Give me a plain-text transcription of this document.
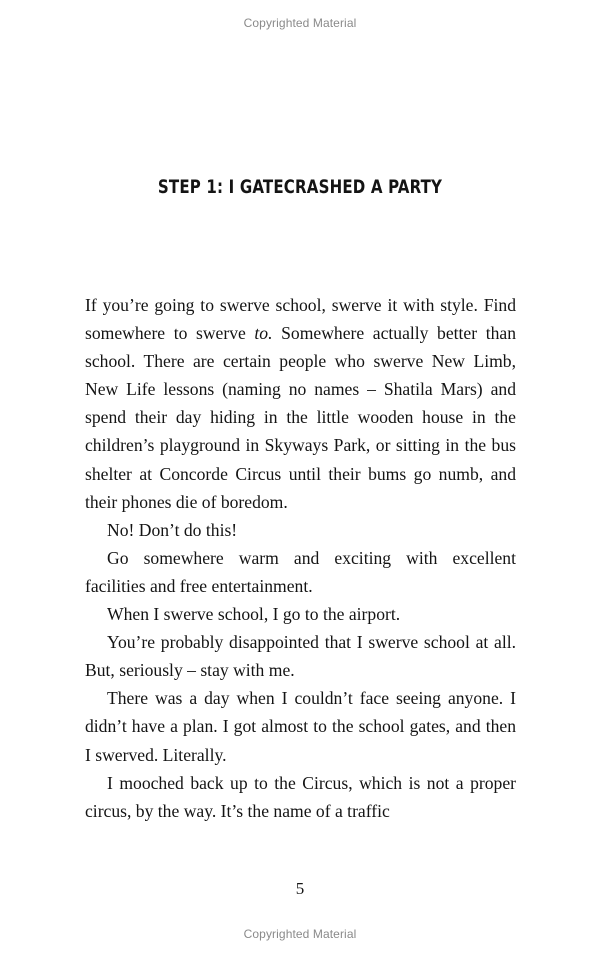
Copyrighted Material
STEP 1: I GATECRASHED A PARTY

If you’re going to swerve school, swerve it with style. Find somewhere to swerve to. Somewhere actually better than school. There are certain people who swerve New Limb, New Life lessons (naming no names – Shatila Mars) and spend their day hiding in the little wooden house in the children’s playground in Skyways Park, or sitting in the bus shelter at Concorde Circus until their bums go numb, and their phones die of boredom.

No! Don’t do this!

Go somewhere warm and exciting with excellent facilities and free entertainment.

When I swerve school, I go to the airport.

You’re probably disappointed that I swerve school at all. But, seriously – stay with me.

There was a day when I couldn’t face seeing anyone. I didn’t have a plan. I got almost to the school gates, and then I swerved. Literally.

I mooched back up to the Circus, which is not a proper circus, by the way. It’s the name of a traffic

5
Copyrighted Material
